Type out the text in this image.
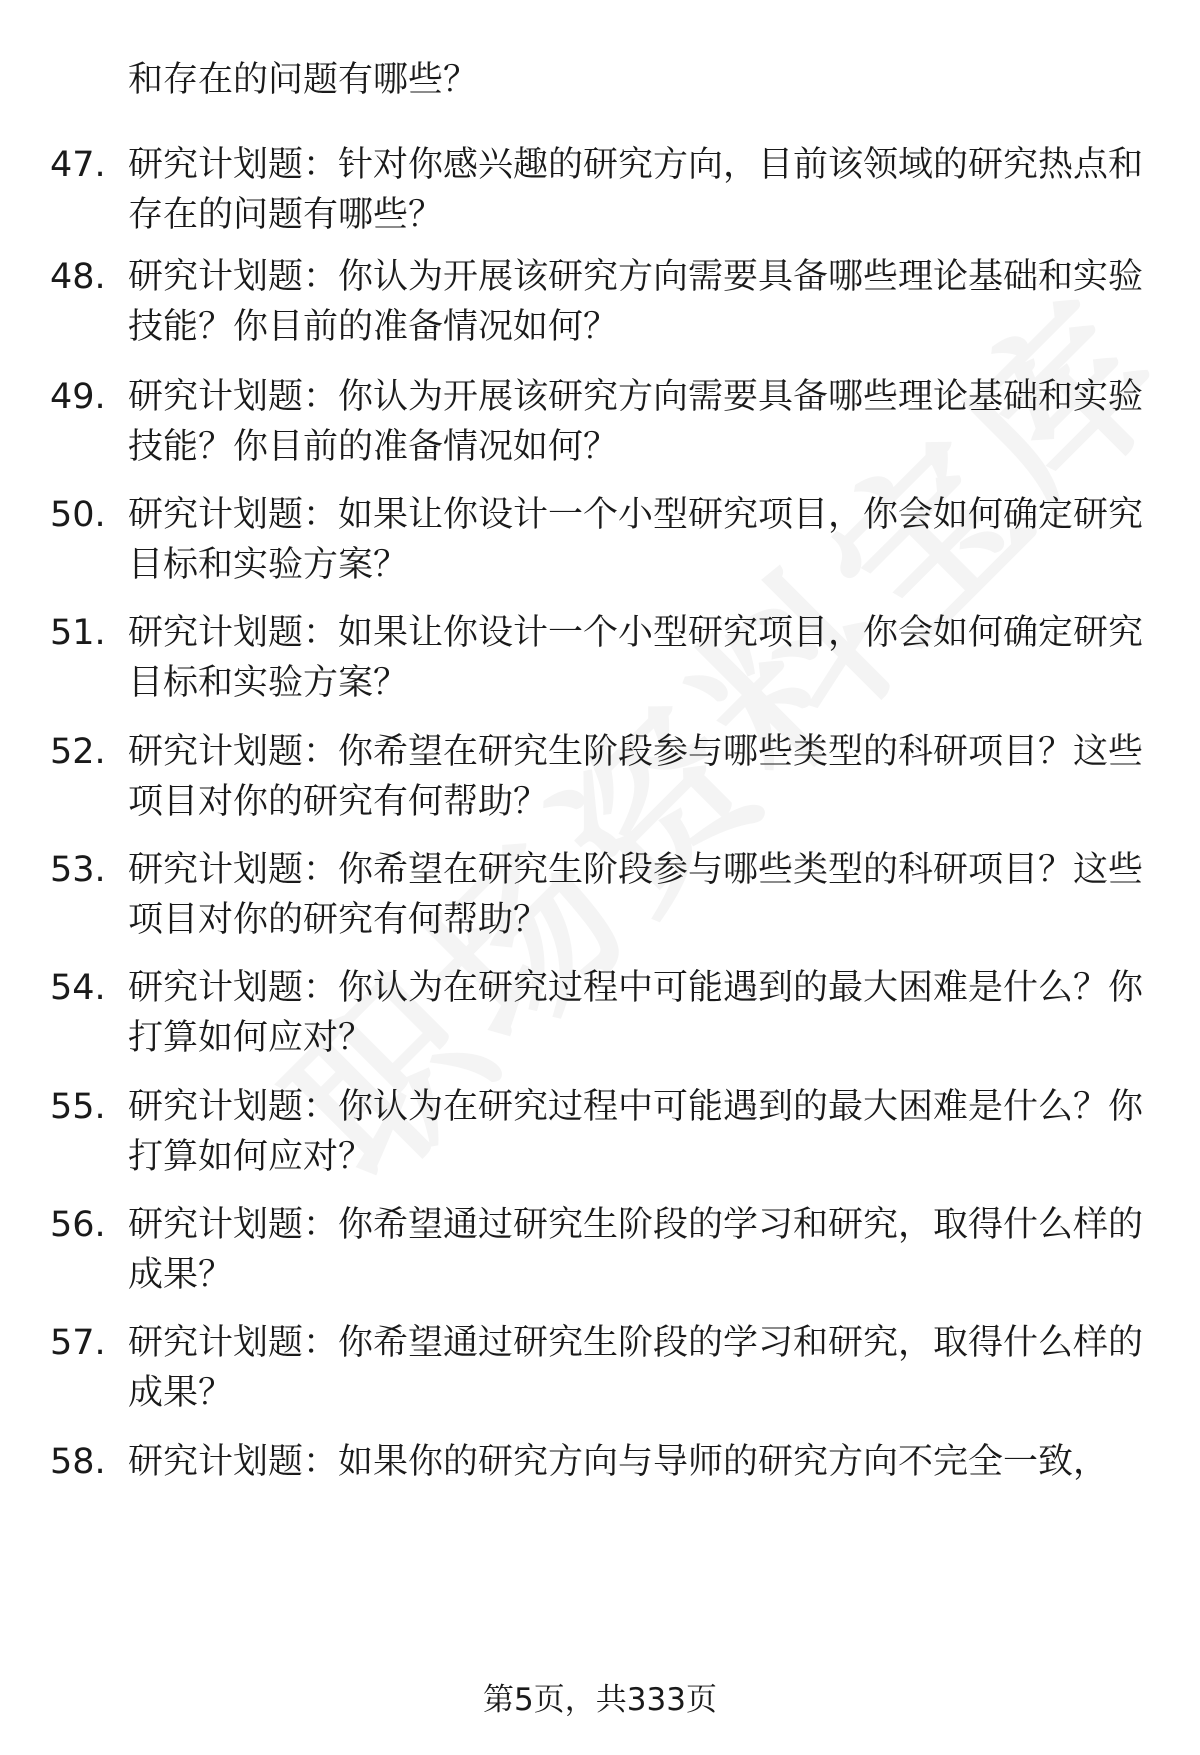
和存在的问题有哪些？
47. 研究计划题：针对你感兴趣的研究方向，目前该领域的研究热点和存在的问题有哪些？
48. 研究计划题：你认为开展该研究方向需要具备哪些理论基础和实验技能？你目前的准备情况如何？
49. 研究计划题：你认为开展该研究方向需要具备哪些理论基础和实验技能？你目前的准备情况如何？
50. 研究计划题：如果让你设计一个小型研究项目，你会如何确定研究目标和实验方案？
51. 研究计划题：如果让你设计一个小型研究项目，你会如何确定研究目标和实验方案？
52. 研究计划题：你希望在研究生阶段参与哪些类型的科研项目？这些项目对你的研究有何帮助？
53. 研究计划题：你希望在研究生阶段参与哪些类型的科研项目？这些项目对你的研究有何帮助？
54. 研究计划题：你认为在研究过程中可能遇到的最大困难是什么？你打算如何应对？
55. 研究计划题：你认为在研究过程中可能遇到的最大困难是什么？你打算如何应对？
56. 研究计划题：你希望通过研究生阶段的学习和研究，取得什么样的成果？
57. 研究计划题：你希望通过研究生阶段的学习和研究，取得什么样的成果？
58. 研究计划题：如果你的研究方向与导师的研究方向不完全一致，
第5页，共333页
